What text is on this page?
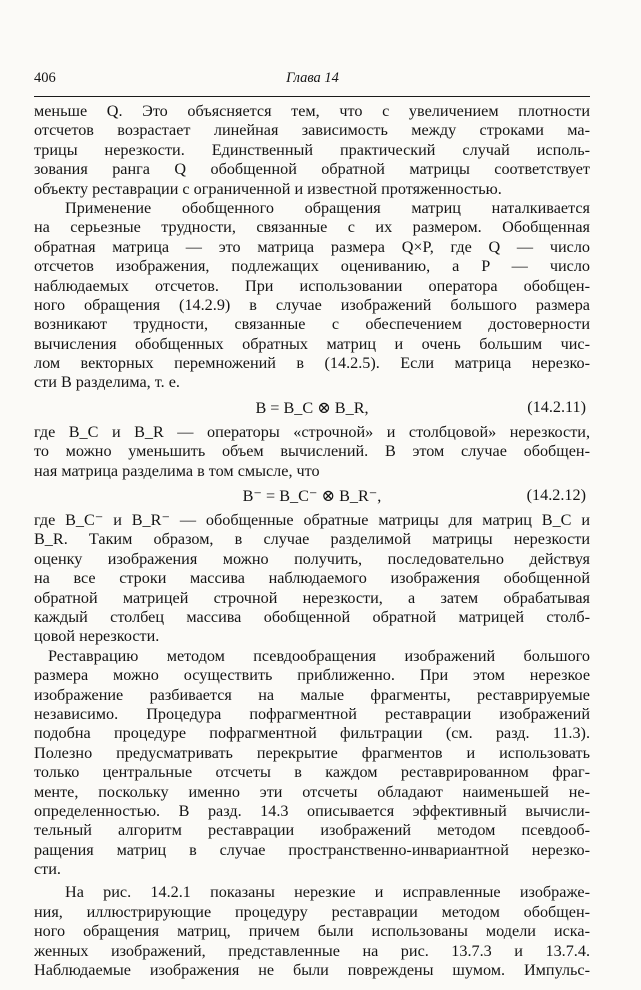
406	Глава 14
меньше Q. Это объясняется тем, что с увеличением плотности
отсчетов возрастает линейная зависимость между строками ма-
трицы нерезкости. Единственный практический случай исполь-
зования ранга Q обобщенной обратной матрицы соответствует
объекту реставрации с ограниченной и известной протяженностью.
Применение обобщенного обращения матриц наталкивается
на серьезные трудности, связанные с их размером. Обобщенная
обратная матрица — это матрица размера Q×P, где Q — число
отсчетов изображения, подлежащих оцениванию, а P — число
наблюдаемых отсчетов. При использовании оператора обобщен-
ного обращения (14.2.9) в случае изображений большого размера
возникают трудности, связанные с обеспечением достоверности
вычисления обобщенных обратных матриц и очень большим чис-
лом векторных перемножений в (14.2.5). Если матрица нерезко-
сти B разделима, т. е.
B = B_C ⊗ B_R,	(14.2.11)
где B_C и B_R — операторы «строчной» и столбцовой» нерезкости,
то можно уменьшить объем вычислений. В этом случае обобщен-
ная матрица разделима в том смысле, что
B⁻ = B_C⁻ ⊗ B_R⁻,	(14.2.12)
где B_C⁻ и B_R⁻ — обобщенные обратные матрицы для матриц B_C и
B_R. Таким образом, в случае разделимой матрицы нерезкости
оценку изображения можно получить, последовательно действуя
на все строки массива наблюдаемого изображения обобщенной
обратной матрицей строчной нерезкости, а затем обрабатывая
каждый столбец массива обобщенной обратной матрицей столб-
цовой нерезкости.
Реставрацию методом псевдообращения изображений большого
размера можно осуществить приближенно. При этом нерезкое
изображение разбивается на малые фрагменты, реставрируемые
независимо. Процедура пофрагментной реставрации изображений
подобна процедуре пофрагментной фильтрации (см. разд. 11.3).
Полезно предусматривать перекрытие фрагментов и использовать
только центральные отсчеты в каждом реставрированном фраг-
менте, поскольку именно эти отсчеты обладают наименьшей не-
определенностью. В разд. 14.3 описывается эффективный вычисли-
тельный алгоритм реставрации изображений методом псевдооб-
ращения матриц в случае пространственно-инвариантной нерезко-
сти.
На рис. 14.2.1 показаны нерезкие и исправленные изображе-
ния, иллюстрирующие процедуру реставрации методом обобщен-
ного обращения матриц, причем были использованы модели иска-
женных изображений, представленные на рис. 13.7.3 и 13.7.4.
Наблюдаемые изображения не были повреждены шумом. Импульс-
